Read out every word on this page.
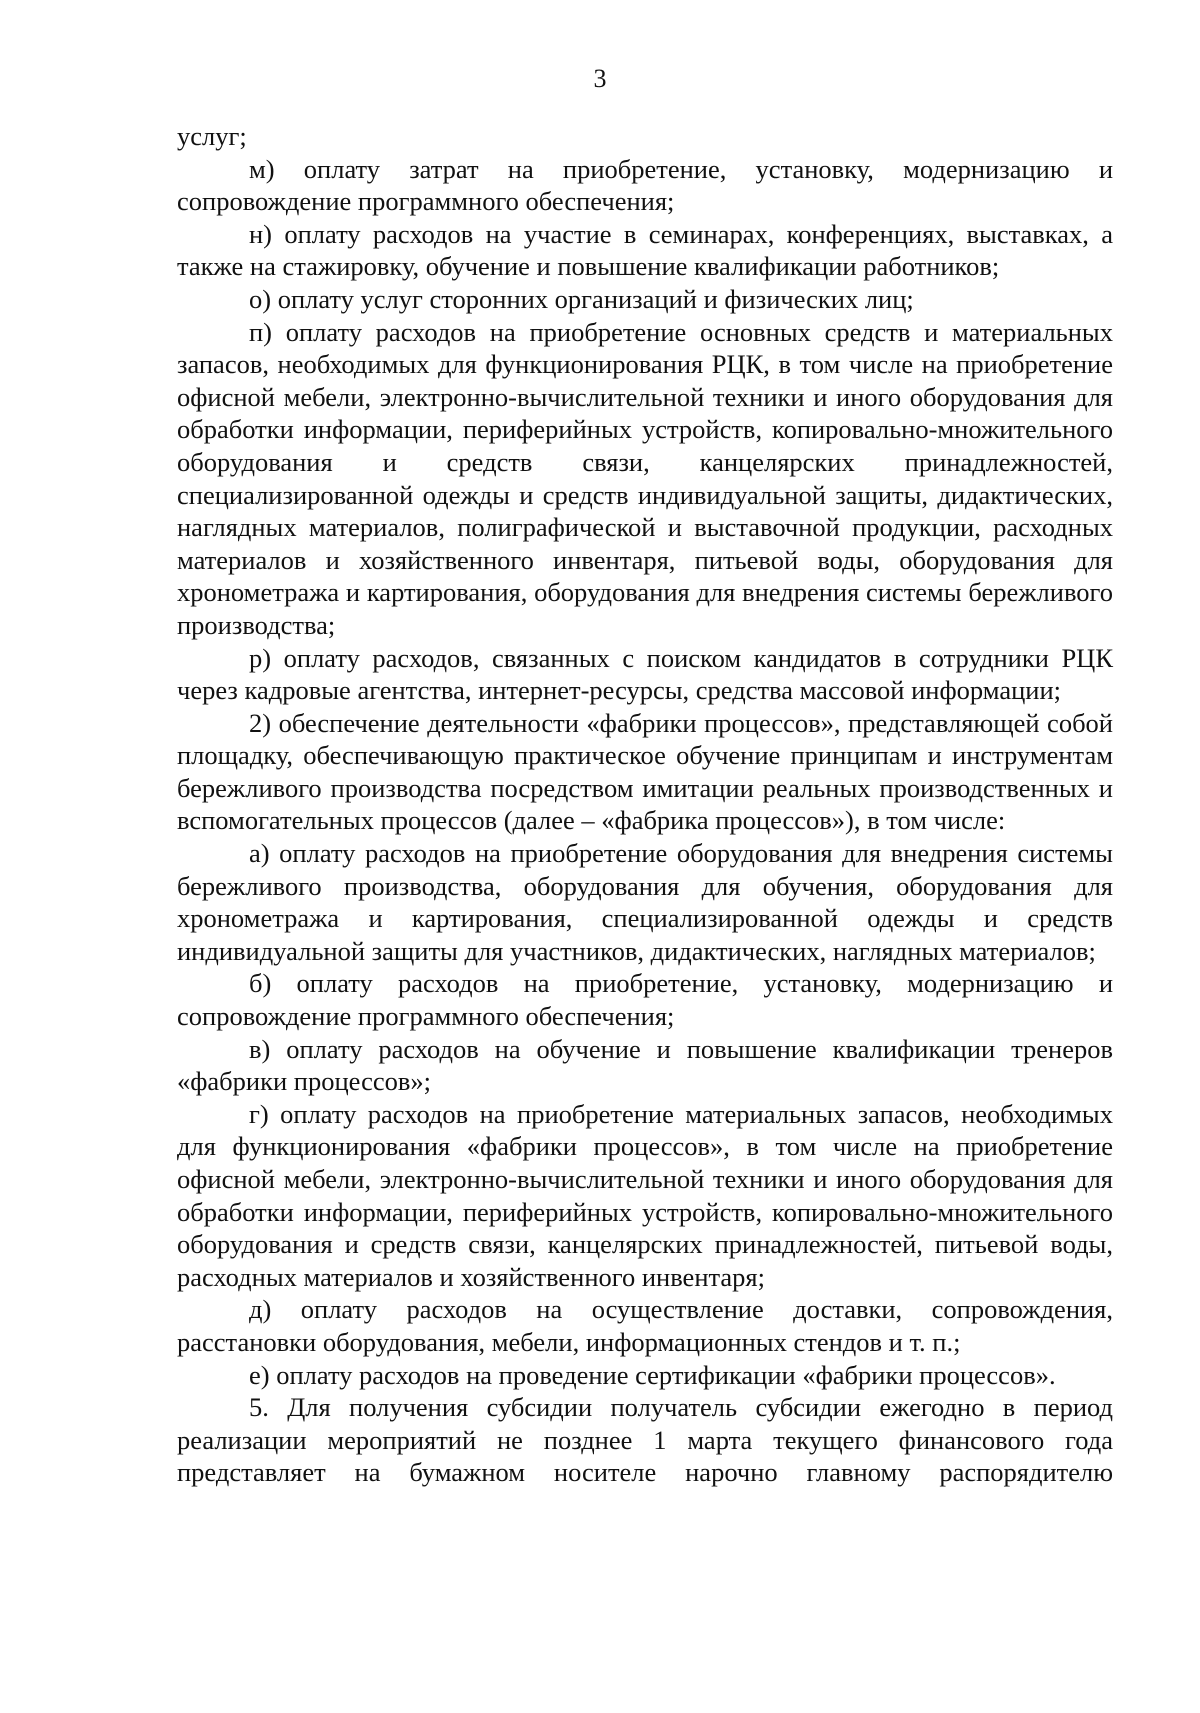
3

услуг;

м) оплату затрат на приобретение, установку, модернизацию и сопровождение программного обеспечения;

н) оплату расходов на участие в семинарах, конференциях, выставках, а также на стажировку, обучение и повышение квалификации работников;

о) оплату услуг сторонних организаций и физических лиц;

п) оплату расходов на приобретение основных средств и материальных запасов, необходимых для функционирования РЦК, в том числе на приобретение офисной мебели, электронно-вычислительной техники и иного оборудования для обработки информации, периферийных устройств, копировально-множительного оборудования и средств связи, канцелярских принадлежностей, специализированной одежды и средств индивидуальной защиты, дидактических, наглядных материалов, полиграфической и выставочной продукции, расходных материалов и хозяйственного инвентаря, питьевой воды, оборудования для хронометража и картирования, оборудования для внедрения системы бережливого производства;

р) оплату расходов, связанных с поиском кандидатов в сотрудники РЦК через кадровые агентства, интернет-ресурсы, средства массовой информации;

2) обеспечение деятельности «фабрики процессов», представляющей собой площадку, обеспечивающую практическое обучение принципам и инструментам бережливого производства посредством имитации реальных производственных и вспомогательных процессов (далее – «фабрика процессов»), в том числе:

а) оплату расходов на приобретение оборудования для внедрения системы бережливого производства, оборудования для обучения, оборудования для хронометража и картирования, специализированной одежды и средств индивидуальной защиты для участников, дидактических, наглядных материалов;

б) оплату расходов на приобретение, установку, модернизацию и сопровождение программного обеспечения;

в) оплату расходов на обучение и повышение квалификации тренеров «фабрики процессов»;

г) оплату расходов на приобретение материальных запасов, необходимых для функционирования «фабрики процессов», в том числе на приобретение офисной мебели, электронно-вычислительной техники и иного оборудования для обработки информации, периферийных устройств, копировально-множительного оборудования и средств связи, канцелярских принадлежностей, питьевой воды, расходных материалов и хозяйственного инвентаря;

д) оплату расходов на осуществление доставки, сопровождения, расстановки оборудования, мебели, информационных стендов и т. п.;

е) оплату расходов на проведение сертификации «фабрики процессов».

5. Для получения субсидии получатель субсидии ежегодно в период реализации мероприятий не позднее 1 марта текущего финансового года представляет на бумажном носителе нарочно главному распорядителю
